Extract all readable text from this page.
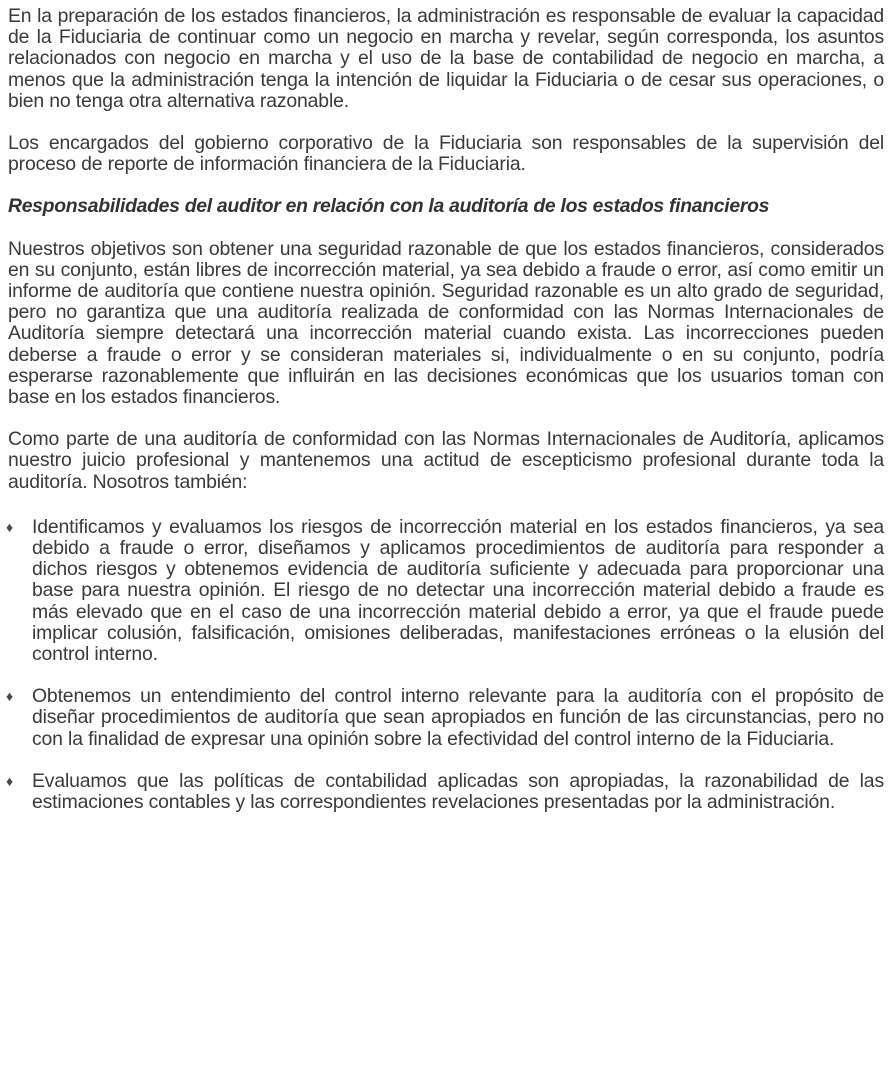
En la preparación de los estados financieros, la administración es responsable de evaluar la capacidad de la Fiduciaria de continuar como un negocio en marcha y revelar, según corresponda, los asuntos relacionados con negocio en marcha y el uso de la base de contabilidad de negocio en marcha, a menos que la administración tenga la intención de liquidar la Fiduciaria o de cesar sus operaciones, o bien no tenga otra alternativa razonable.

Los encargados del gobierno corporativo de la Fiduciaria son responsables de la supervisión del proceso de reporte de información financiera de la Fiduciaria.

Responsabilidades del auditor en relación con la auditoría de los estados financieros

Nuestros objetivos son obtener una seguridad razonable de que los estados financieros, considerados en su conjunto, están libres de incorrección material, ya sea debido a fraude o error, así como emitir un informe de auditoría que contiene nuestra opinión. Seguridad razonable es un alto grado de seguridad, pero no garantiza que una auditoría realizada de conformidad con las Normas Internacionales de Auditoría siempre detectará una incorrección material cuando exista. Las incorrecciones pueden deberse a fraude o error y se consideran materiales si, individualmente o en su conjunto, podría esperarse razonablemente que influirán en las decisiones económicas que los usuarios toman con base en los estados financieros.

Como parte de una auditoría de conformidad con las Normas Internacionales de Auditoría, aplicamos nuestro juicio profesional y mantenemos una actitud de escepticismo profesional durante toda la auditoría. Nosotros también:

♦ Identificamos y evaluamos los riesgos de incorrección material en los estados financieros, ya sea debido a fraude o error, diseñamos y aplicamos procedimientos de auditoría para responder a dichos riesgos y obtenemos evidencia de auditoría suficiente y adecuada para proporcionar una base para nuestra opinión. El riesgo de no detectar una incorrección material debido a fraude es más elevado que en el caso de una incorrección material debido a error, ya que el fraude puede implicar colusión, falsificación, omisiones deliberadas, manifestaciones erróneas o la elusión del control interno.
♦ Obtenemos un entendimiento del control interno relevante para la auditoría con el propósito de diseñar procedimientos de auditoría que sean apropiados en función de las circunstancias, pero no con la finalidad de expresar una opinión sobre la efectividad del control interno de la Fiduciaria.
♦ Evaluamos que las políticas de contabilidad aplicadas son apropiadas, la razonabilidad de las estimaciones contables y las correspondientes revelaciones presentadas por la administración.
